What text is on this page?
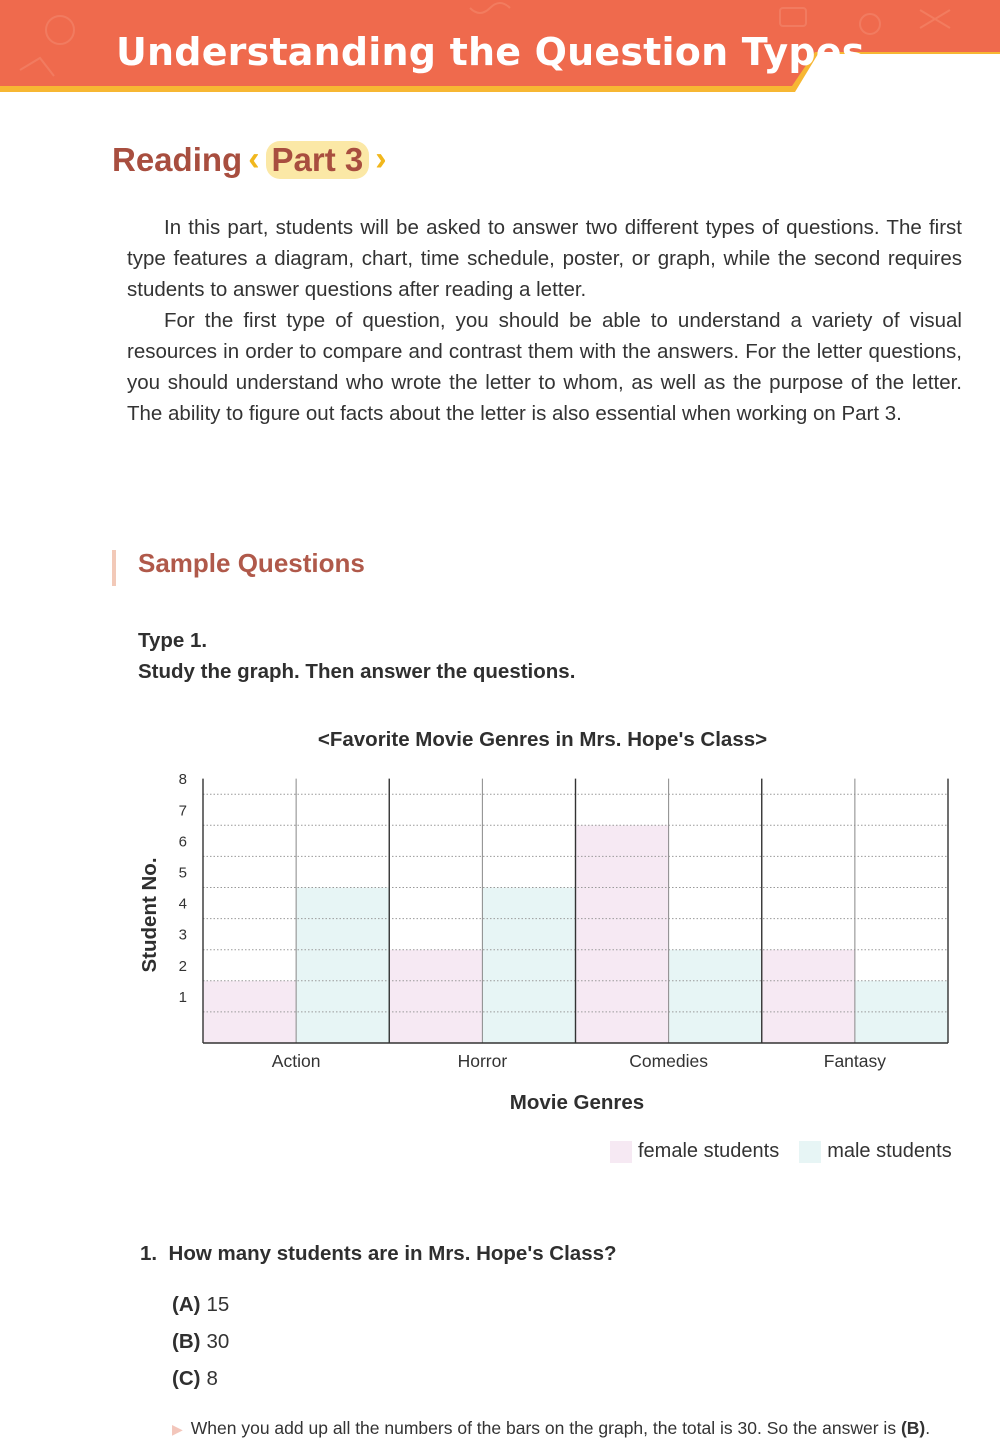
Understanding the Question Types
Reading ‹ Part 3 ›

In this part, students will be asked to answer two different types of questions. The first type features a diagram, chart, time schedule, poster, or graph, while the second requires students to answer questions after reading a letter.

For the first type of question, you should be able to understand a variety of visual resources in order to compare and contrast them with the answers. For the letter questions, you should understand who wrote the letter to whom, as well as the purpose of the letter. The ability to figure out facts about the letter is also essential when working on Part 3.

Sample Questions

Type 1.

Study the graph. Then answer the questions.

<Favorite Movie Genres in Mrs. Hope's Class>

1
2
3
4
5
6
7
8
Action	Horror	Comedies	Fantasy
Movie Genres
Student No.
female students male students

1. How many students are in Mrs. Hope's Class?

(A) 15

(B) 30

(C) 8

▶ When you add up all the numbers of the bars on the graph, the total is 30. So the answer is (B).
